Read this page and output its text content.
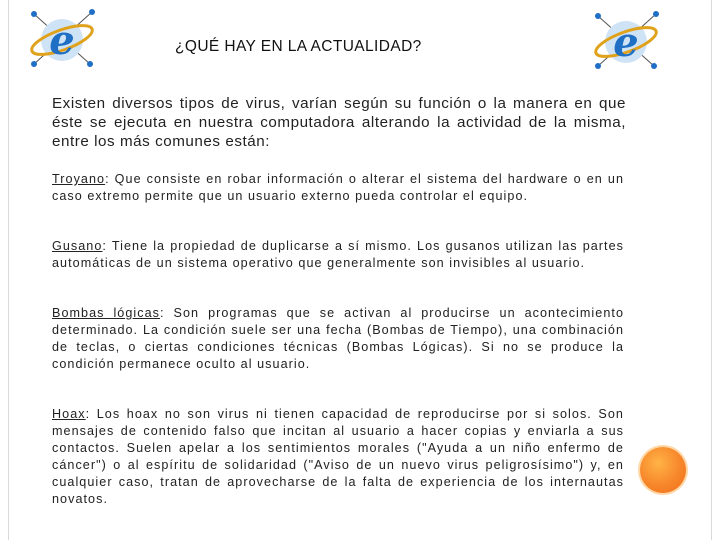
e	e
¿QUÉ HAY EN LA ACTUALIDAD?
Existen diversos tipos de virus, varían según su función o la manera en que éste se ejecuta en nuestra computadora alterando la actividad de la misma, entre los más comunes están:
Troyano: Que consiste en robar información o alterar el sistema del hardware o en un caso extremo permite que un usuario externo pueda controlar el equipo.
Gusano: Tiene la propiedad de duplicarse a sí mismo. Los gusanos utilizan las partes automáticas de un sistema operativo que generalmente son invisibles al usuario.
Bombas lógicas: Son programas que se activan al producirse un acontecimiento determinado. La condición suele ser una fecha (Bombas de Tiempo), una combinación de teclas, o ciertas condiciones técnicas (Bombas Lógicas). Si no se produce la condición permanece oculto al usuario.
Hoax: Los hoax no son virus ni tienen capacidad de reproducirse por si solos. Son mensajes de contenido falso que incitan al usuario a hacer copias y enviarla a sus contactos. Suelen apelar a los sentimientos morales ("Ayuda a un niño enfermo de cáncer") o al espíritu de solidaridad ("Aviso de un nuevo virus peligrosísimo") y, en cualquier caso, tratan de aprovecharse de la falta de experiencia de los internautas novatos.
